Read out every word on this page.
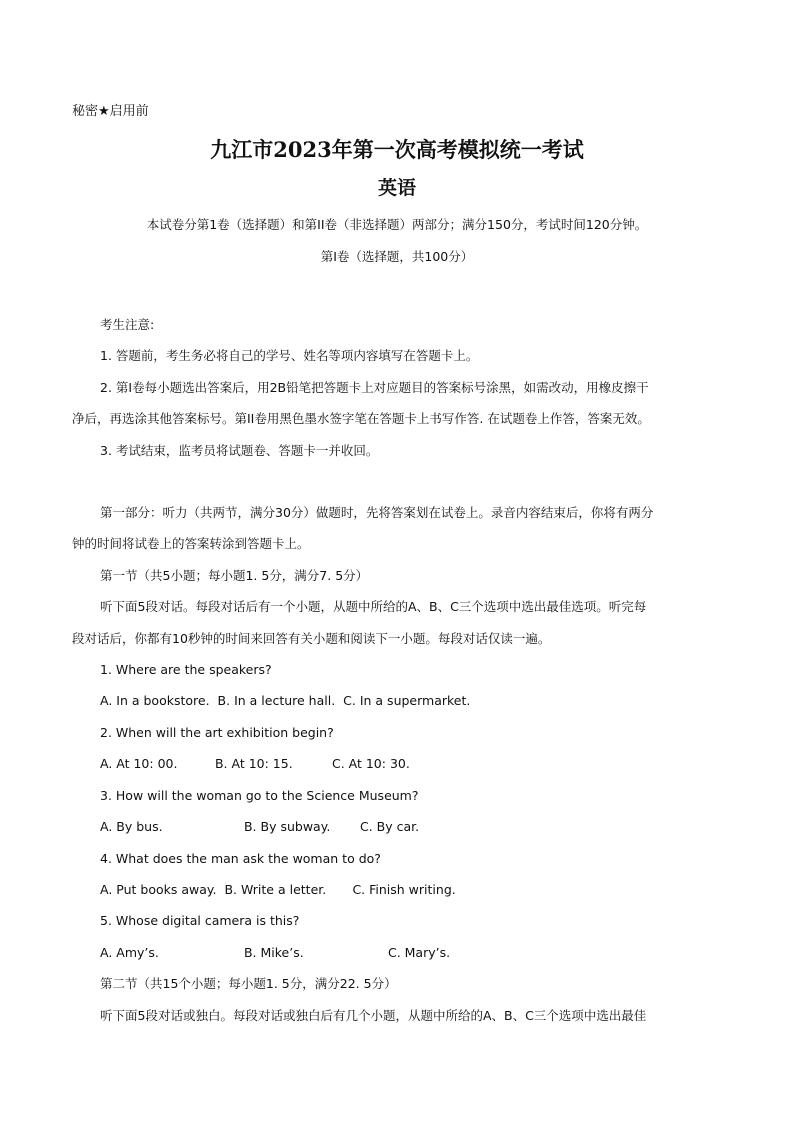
秘密★启用前
九江市2023年第一次高考模拟统一考试
英语
本试卷分第1卷（选择题）和第II卷（非选择题）两部分；满分150分，考试时间120分钟。
第I卷（选择题，共100分）
考生注意:
1. 答题前，考生务必将自己的学号、姓名等项内容填写在答题卡上。
2. 第I卷每小题选出答案后，用2B铅笔把答题卡上对应题目的答案标号涂黑，如需改动，用橡皮擦干
净后，再选涂其他答案标号。第II卷用黑色墨水签字笔在答题卡上书写作答. 在试题卷上作答，答案无效。
3. 考试结束，监考员将试题卷、答题卡一并收回。
第一部分：听力（共两节，满分30分）做题时，先将答案划在试卷上。录音内容结束后，你将有两分
钟的时间将试卷上的答案转涂到答题卡上。
第一节（共5小题；每小题1. 5分，满分7. 5分）
听下面5段对话。每段对话后有一个小题，从题中所给的A、B、C三个选项中选出最佳选项。听完每
段对话后，你都有10秒钟的时间来回答有关小题和阅读下一小题。每段对话仅读一遍。
1. Where are the speakers?
A. In a bookstore. B. In a lecture hall. C. In a supermarket.
2. When will the art exhibition begin?
A. At 10: 00.	B. At 10: 15.	C. At 10: 30.
3. How will the woman go to the Science Museum?
A. By bus.	B. By subway. C. By car.
4. What does the man ask the woman to do?
A. Put books away. B. Write a letter. C. Finish writing.
5. Whose digital camera is this?
A. Amy’s.	B. Mike’s.	C. Mary’s.
第二节（共15个小题；每小题1. 5分，满分22. 5分）
听下面5段对话或独白。每段对话或独白后有几个小题，从题中所给的A、B、C三个选项中选出最佳
